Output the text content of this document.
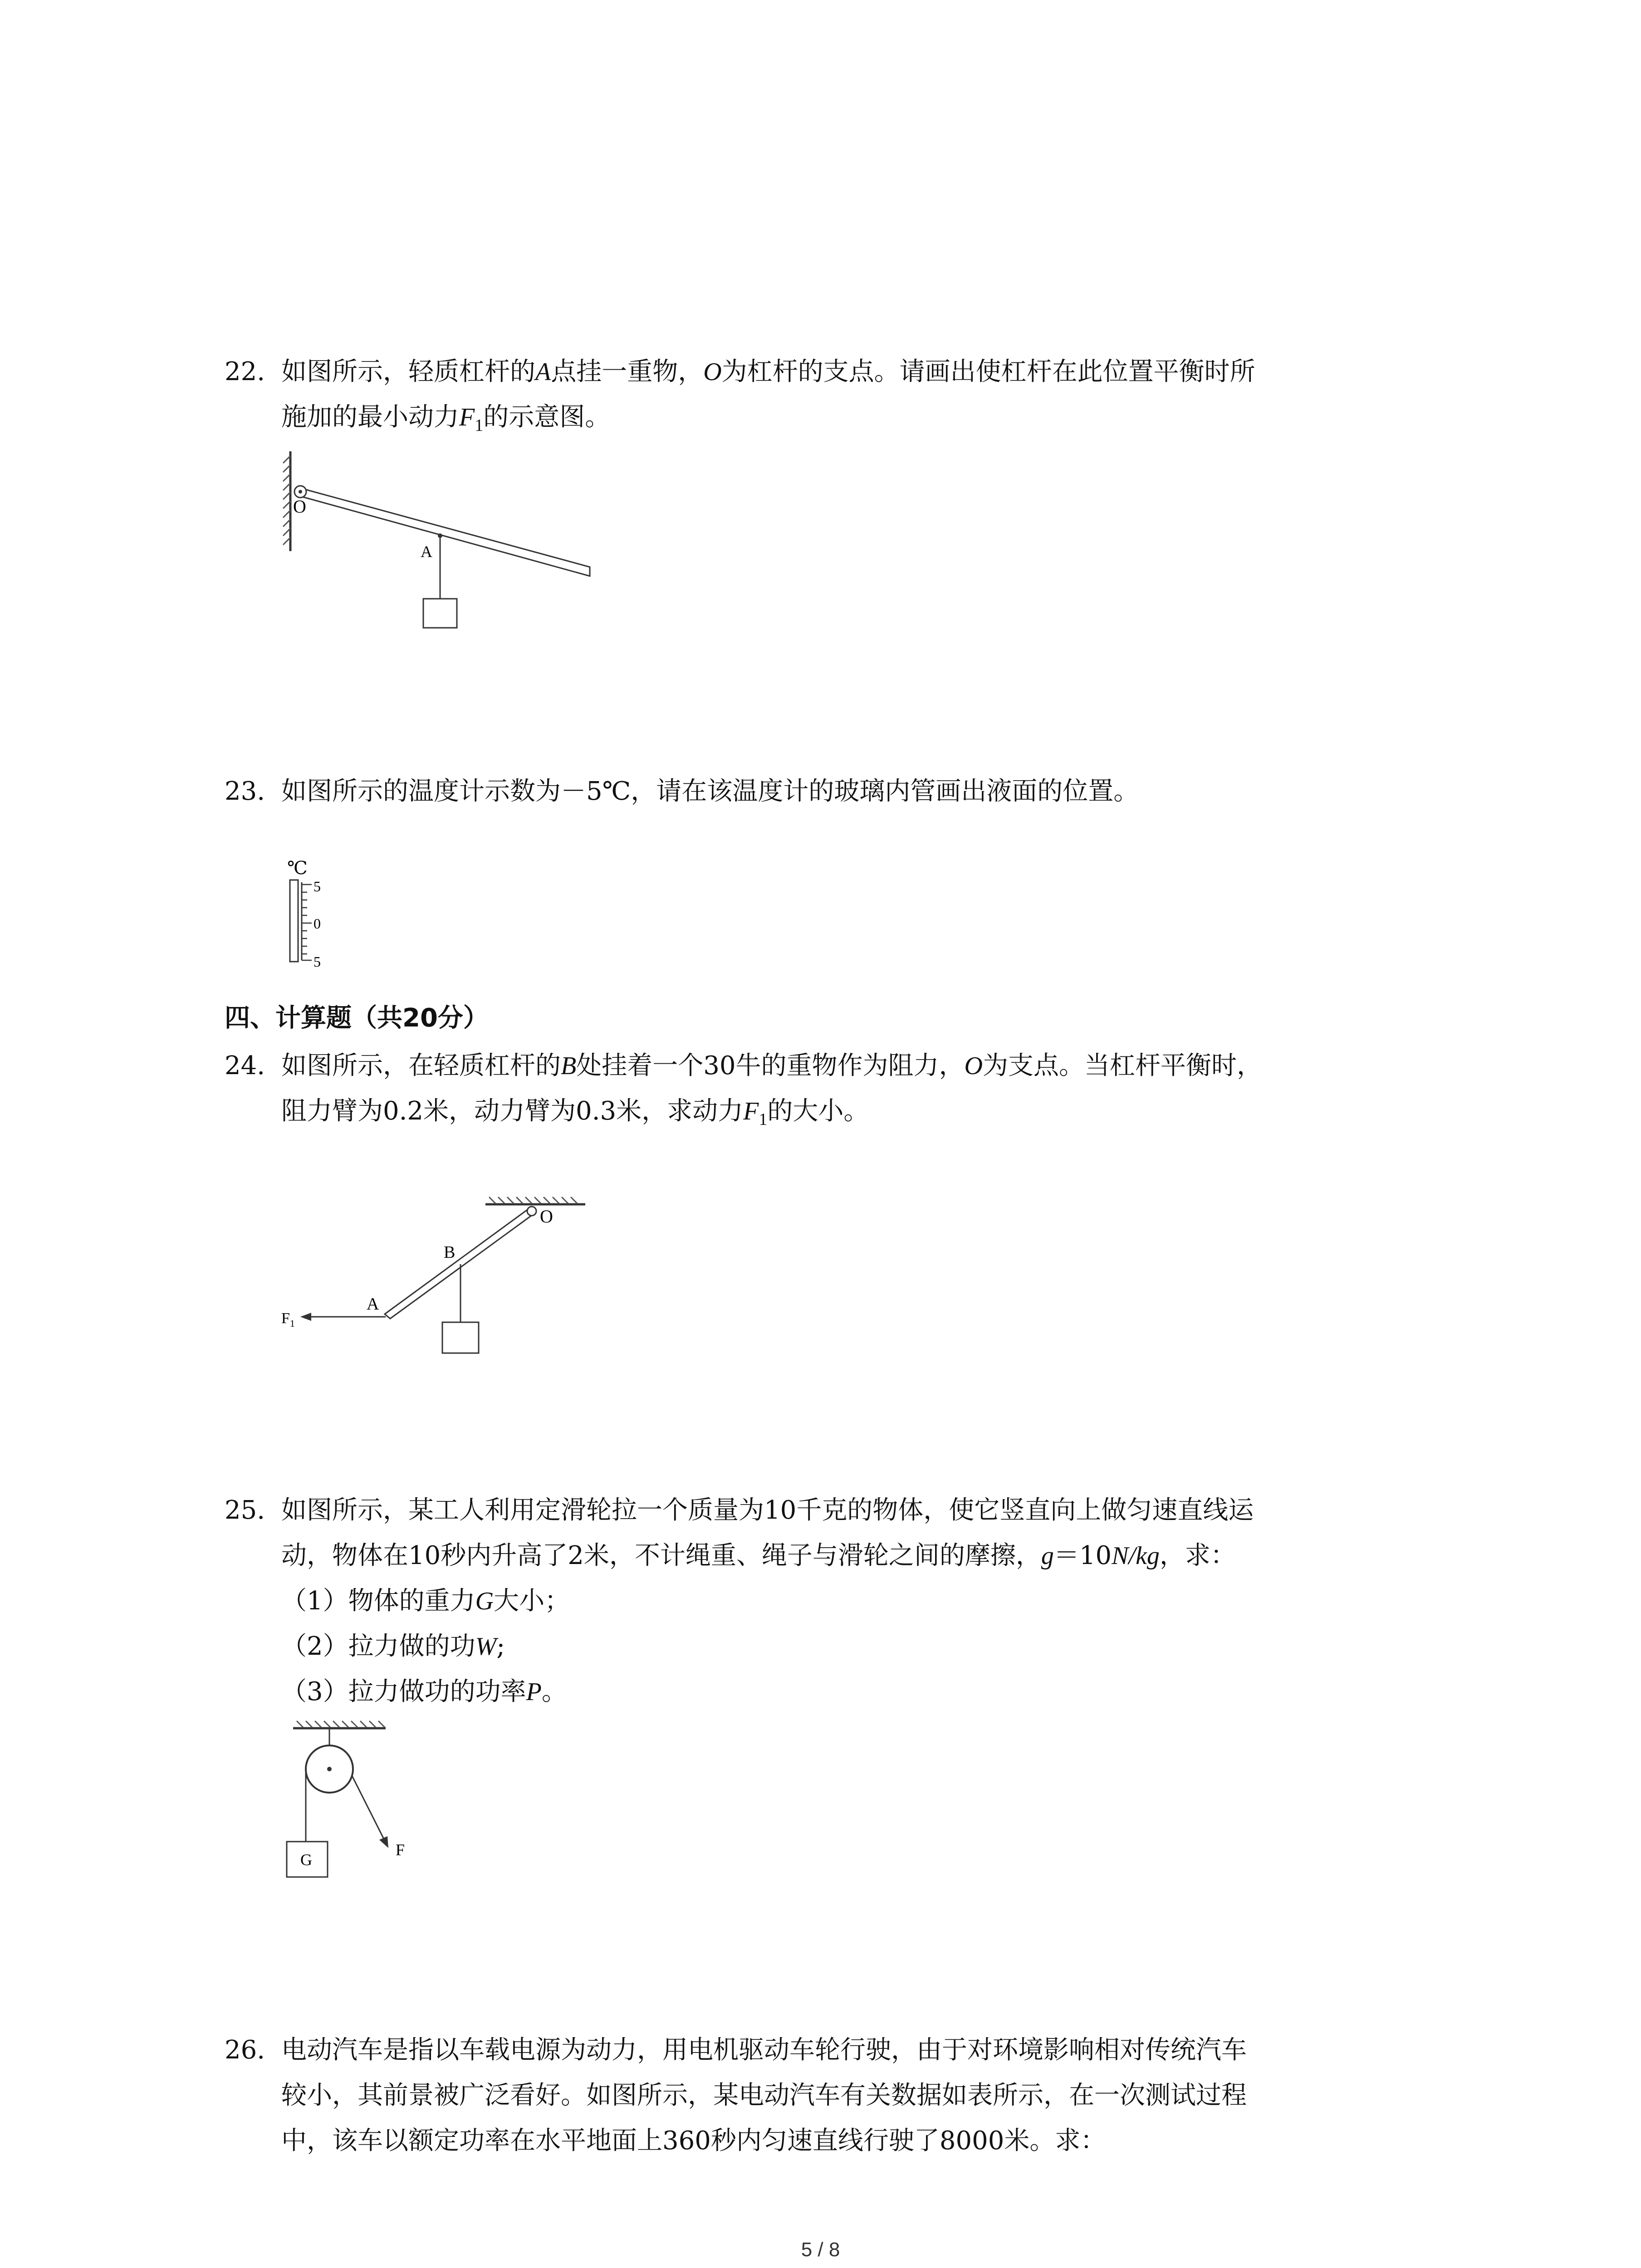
22. 如图所示，轻质杠杆的A点挂一重物，O为杠杆的支点。请画出使杠杆在此位置平衡时所
施加的最小动力$F_1$的示意图。
O
A
23. 如图所示的温度计示数为－5℃，请在该温度计的玻璃内管画出液面的位置。
℃
5
0
5
四、计算题（共20分）
24. 如图所示，在轻质杠杆的B处挂着一个30牛的重物作为阻力，O为支点。当杠杆平衡时，
阻力臂为0.2米，动力臂为0.3米，求动力$F_1$的大小。
O
B
A
$F_1$
25. 如图所示，某工人利用定滑轮拉一个质量为10千克的物体，使它竖直向上做匀速直线运
动，物体在10秒内升高了2米，不计绳重、绳子与滑轮之间的摩擦，g＝10N/kg，求：
（1）物体的重力G大小；
（2）拉力做的功W;
（3）拉力做功的功率P。
F
G
26. 电动汽车是指以车载电源为动力，用电机驱动车轮行驶，由于对环境影响相对传统汽车
较小，其前景被广泛看好。如图所示，某电动汽车有关数据如表所示，在一次测试过程
中，该车以额定功率在水平地面上360秒内匀速直线行驶了8000米。求：
5 / 8
